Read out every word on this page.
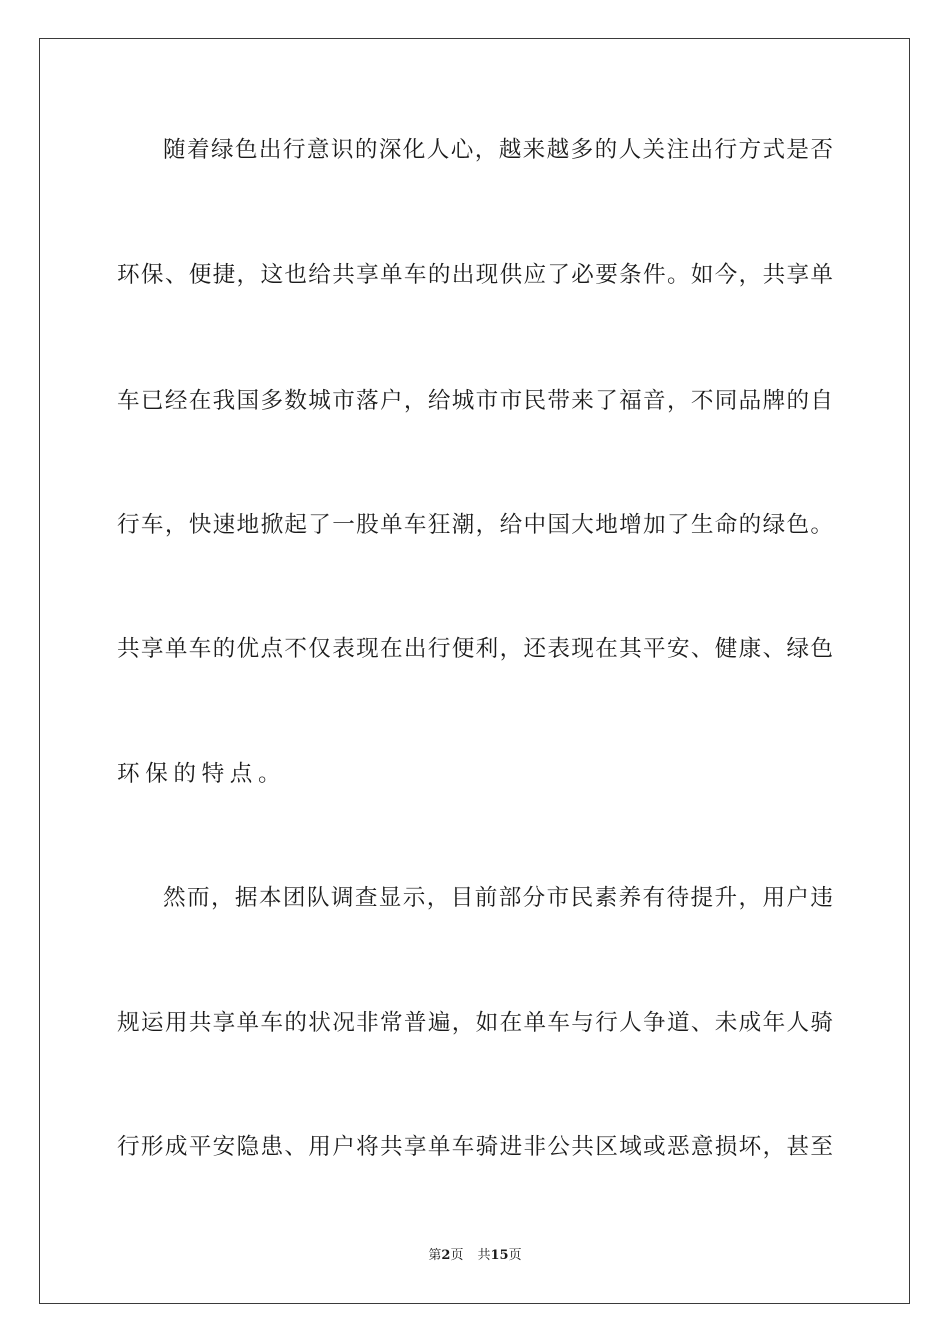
随着绿色出行意识的深化人心，越来越多的人关注出行方式是否
环保、便捷，这也给共享单车的出现供应了必要条件。如今，共享单
车已经在我国多数城市落户，给城市市民带来了福音，不同品牌的自
行车，快速地掀起了一股单车狂潮，给中国大地增加了生命的绿色。
共享单车的优点不仅表现在出行便利，还表现在其平安、健康、绿色
环保的特点。
然而，据本团队调查显示，目前部分市民素养有待提升，用户违
规运用共享单车的状况非常普遍，如在单车与行人争道、未成年人骑
行形成平安隐患、用户将共享单车骑进非公共区域或恶意损坏，甚至
第2页 共15页
